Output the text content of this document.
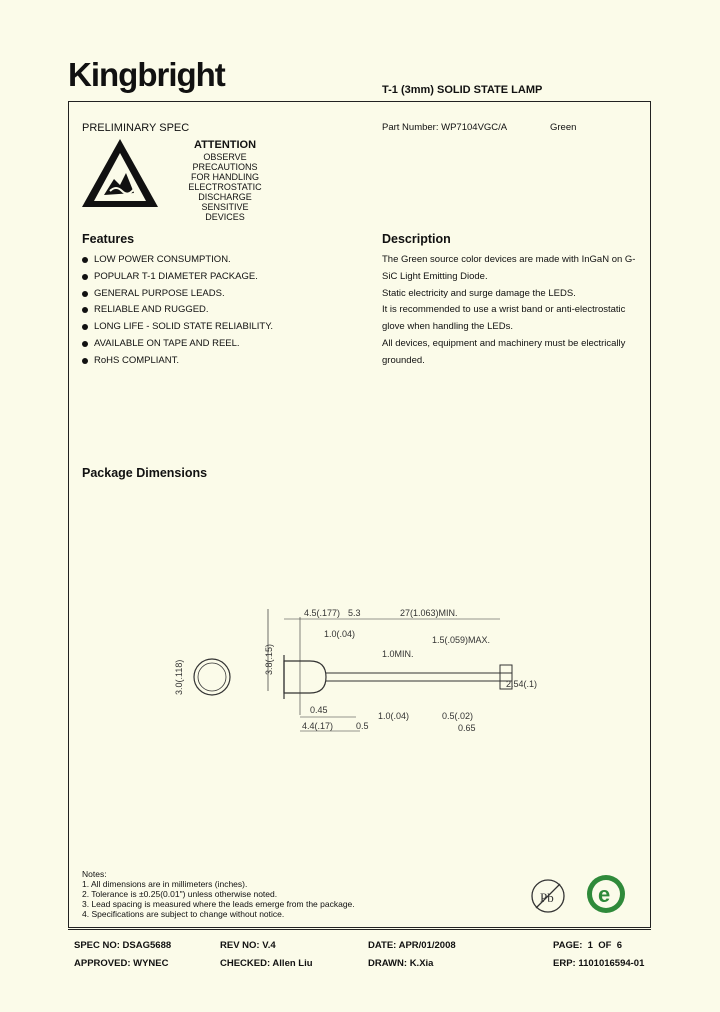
Kingbright	T-1 (3mm) SOLID STATE LAMP
PRELIMINARY SPEC	Part Number: WP7104VGC/A	Green
ATTENTION
OBSERVE PRECAUTIONS
FOR HANDLING
ELECTROSTATIC
DISCHARGE
SENSITIVE
DEVICES
Features
LOW POWER CONSUMPTION.
POPULAR T-1 DIAMETER PACKAGE.
GENERAL PURPOSE LEADS.
RELIABLE AND RUGGED.
LONG LIFE - SOLID STATE RELIABILITY.
AVAILABLE ON TAPE AND REEL.
RoHS COMPLIANT.
Description
The Green source color devices are made with InGaN on G-
SiC Light Emitting Diode.
Static electricity and surge damage the LEDS.
It is recommended to use a wrist band or anti-electrostatic
glove when handling the LEDs.
All devices, equipment and machinery must be electrically
grounded.
Package Dimensions
3.0(.118)
3.8(.15)
4.5(.177) 5.3	27(1.063)MIN.
1.0(.04)
1.5(.059)MAX.
1.0MIN.
2.54(.1)
0.45
4.4(.17)	0.5
1.0(.04)	0.5(.02)
0.65
Notes:
1. All dimensions are in millimeters (inches).
2. Tolerance is ±0.25(0.01") unless otherwise noted.
3. Lead spacing is measured where the leads emerge from the package.
4. Specifications are subject to change without notice.
Pb e
SPEC NO: DSAG5688	REV NO: V.4	DATE: APR/01/2008	PAGE:  1  OF  6
APPROVED: WYNEC	CHECKED: Allen Liu	DRAWN: K.Xia	ERP: 1101016594-01
